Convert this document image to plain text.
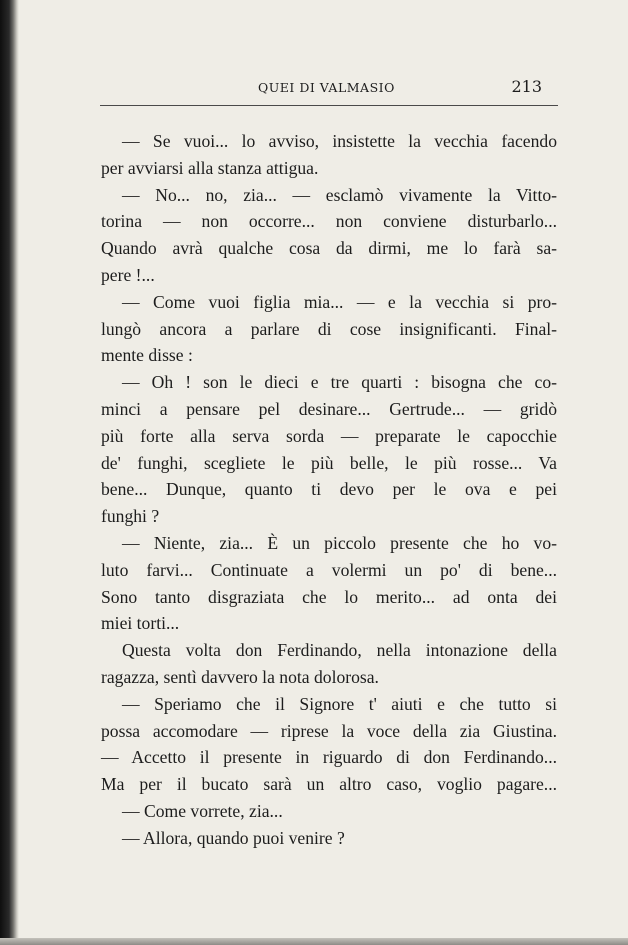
QUEI DI VALMASIO	213
— Se vuoi... lo avviso, insistette la vecchia facendo
per avviarsi alla stanza attigua.
— No... no, zia... — esclamò vivamente la Vitto-
torina — non occorre... non conviene disturbarlo...
Quando avrà qualche cosa da dirmi, me lo farà sa-
pere !...
— Come vuoi figlia mia... — e la vecchia si pro-
lungò ancora a parlare di cose insignificanti. Final-
mente disse :
— Oh ! son le dieci e tre quarti : bisogna che co-
minci a pensare pel desinare... Gertrude... — gridò
più forte alla serva sorda — preparate le capocchie
de' funghi, scegliete le più belle, le più rosse... Va
bene... Dunque, quanto ti devo per le ova e pei
funghi ?
— Niente, zia... È un piccolo presente che ho vo-
luto farvi... Continuate a volermi un po' di bene...
Sono tanto disgraziata che lo merito... ad onta dei
miei torti...
Questa volta don Ferdinando, nella intonazione della
ragazza, sentì davvero la nota dolorosa.
— Speriamo che il Signore t' aiuti e che tutto si
possa accomodare — riprese la voce della zia Giustina.
— Accetto il presente in riguardo di don Ferdinando...
Ma per il bucato sarà un altro caso, voglio pagare...
— Come vorrete, zia...
— Allora, quando puoi venire ?
